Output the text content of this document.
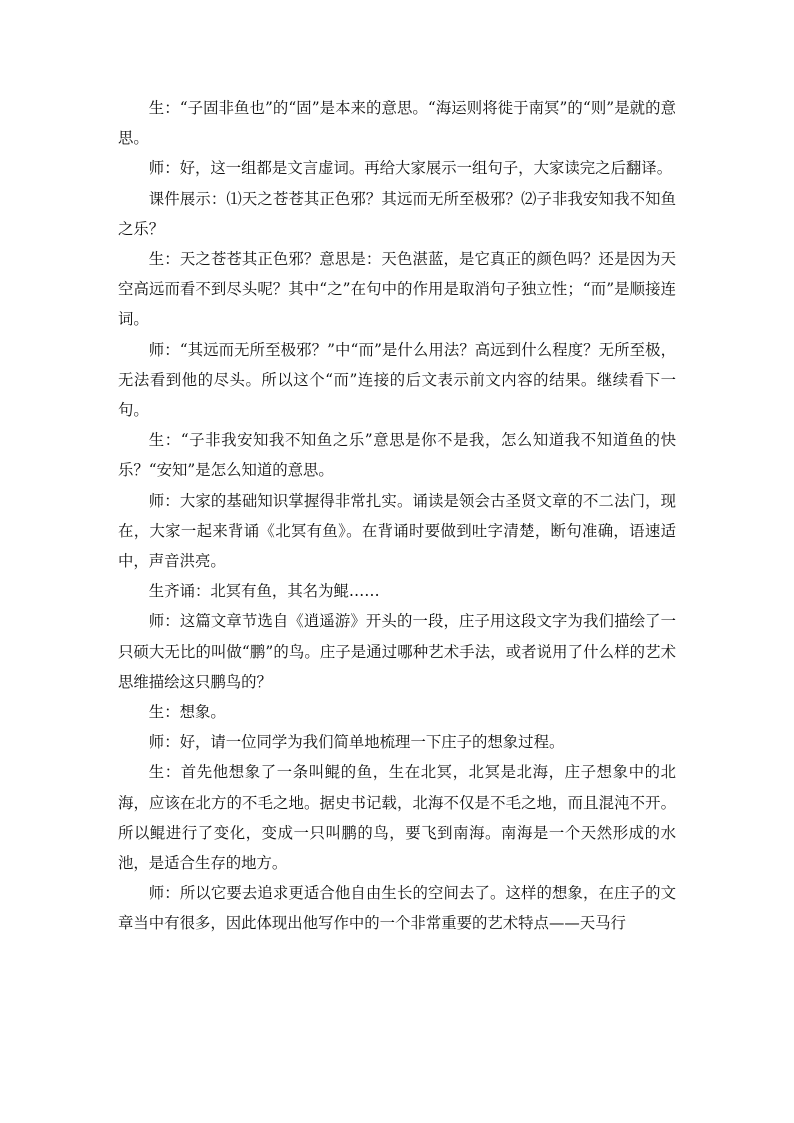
生：“子固非鱼也”的“固”是本来的意思。“海运则将徙于南冥”的“则”是就的意思。

师：好，这一组都是文言虚词。再给大家展示一组句子，大家读完之后翻译。

课件展示：⑴天之苍苍其正色邪？其远而无所至极邪？⑵子非我安知我不知鱼之乐？

生：天之苍苍其正色邪？意思是：天色湛蓝，是它真正的颜色吗？还是因为天空高远而看不到尽头呢？其中“之”在句中的作用是取消句子独立性；“而”是顺接连词。

师：“其远而无所至极邪？”中“而”是什么用法？高远到什么程度？无所至极，无法看到他的尽头。所以这个“而”连接的后文表示前文内容的结果。继续看下一句。

生：“子非我安知我不知鱼之乐”意思是你不是我，怎么知道我不知道鱼的快乐？“安知”是怎么知道的意思。

师：大家的基础知识掌握得非常扎实。诵读是领会古圣贤文章的不二法门，现在，大家一起来背诵《北冥有鱼》。在背诵时要做到吐字清楚，断句准确，语速适中，声音洪亮。

生齐诵：北冥有鱼，其名为鲲……

师：这篇文章节选自《逍遥游》开头的一段，庄子用这段文字为我们描绘了一只硕大无比的叫做“鹏”的鸟。庄子是通过哪种艺术手法，或者说用了什么样的艺术思维描绘这只鹏鸟的？

生：想象。

师：好，请一位同学为我们简单地梳理一下庄子的想象过程。

生：首先他想象了一条叫鲲的鱼，生在北冥，北冥是北海，庄子想象中的北海，应该在北方的不毛之地。据史书记载，北海不仅是不毛之地，而且混沌不开。所以鲲进行了变化，变成一只叫鹏的鸟，要飞到南海。南海是一个天然形成的水池，是适合生存的地方。

师：所以它要去追求更适合他自由生长的空间去了。这样的想象，在庄子的文章当中有很多，因此体现出他写作中的一个非常重要的艺术特点——天马行
